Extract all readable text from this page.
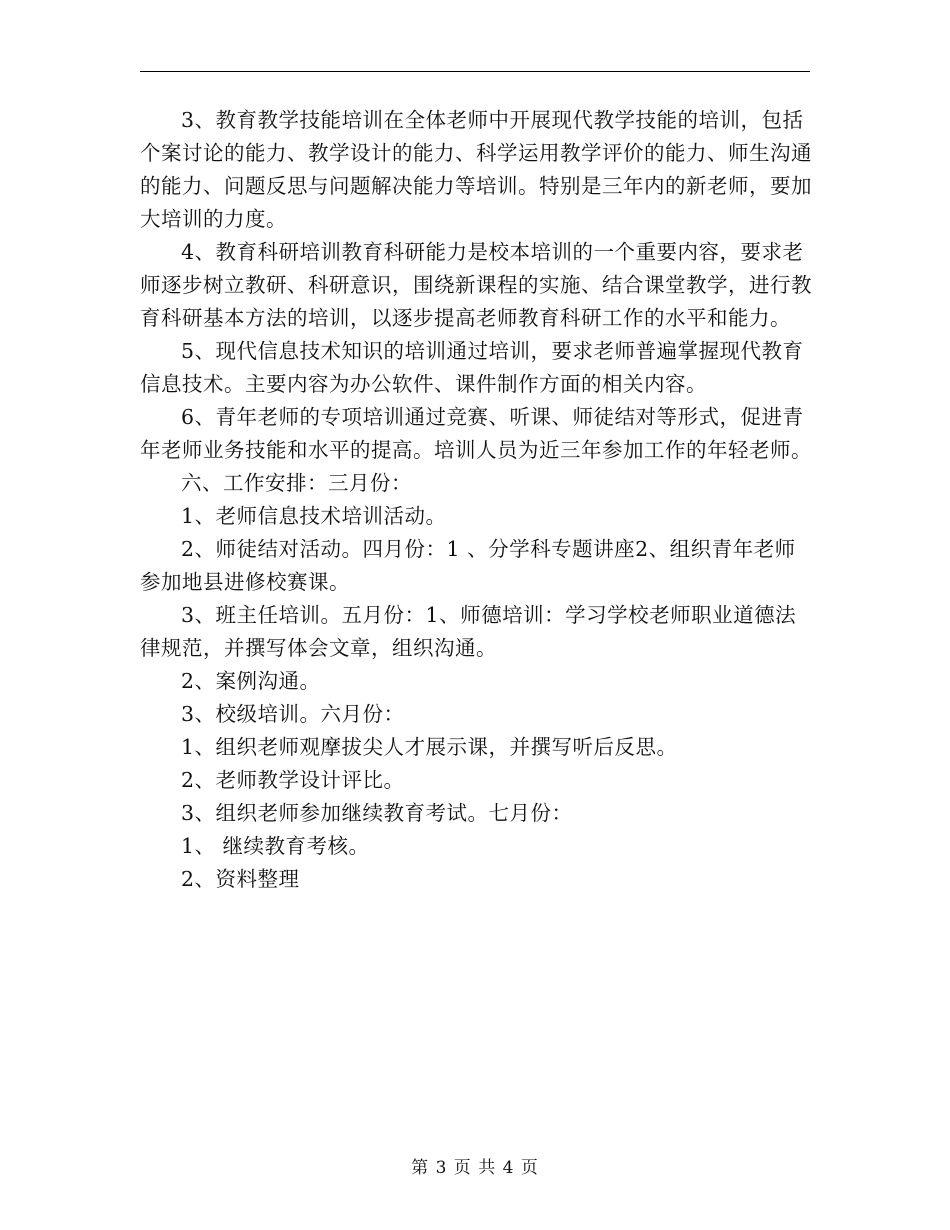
3、教育教学技能培训在全体老师中开展现代教学技能的培训，包括个案讨论的能力、教学设计的能力、科学运用教学评价的能力、师生沟通的能力、问题反思与问题解决能力等培训。特别是三年内的新老师，要加大培训的力度。

4、教育科研培训教育科研能力是校本培训的一个重要内容，要求老师逐步树立教研、科研意识，围绕新课程的实施、结合课堂教学，进行教育科研基本方法的培训，以逐步提高老师教育科研工作的水平和能力。

5、现代信息技术知识的培训通过培训，要求老师普遍掌握现代教育信息技术。主要内容为办公软件、课件制作方面的相关内容。

6、青年老师的专项培训通过竞赛、听课、师徒结对等形式，促进青年老师业务技能和水平的提高。培训人员为近三年参加工作的年轻老师。

六、工作安排：三月份：

1、老师信息技术培训活动。

2、师徒结对活动。四月份：1 、分学科专题讲座2、组织青年老师参加地县进修校赛课。

3、班主任培训。五月份：1、师德培训：学习学校老师职业道德法律规范，并撰写体会文章，组织沟通。

2、案例沟通。

3、校级培训。六月份：

1、组织老师观摩拔尖人才展示课，并撰写听后反思。

2、老师教学设计评比。

3、组织老师参加继续教育考试。七月份：

1、 继续教育考核。

2、资料整理

第 3 页 共 4 页
